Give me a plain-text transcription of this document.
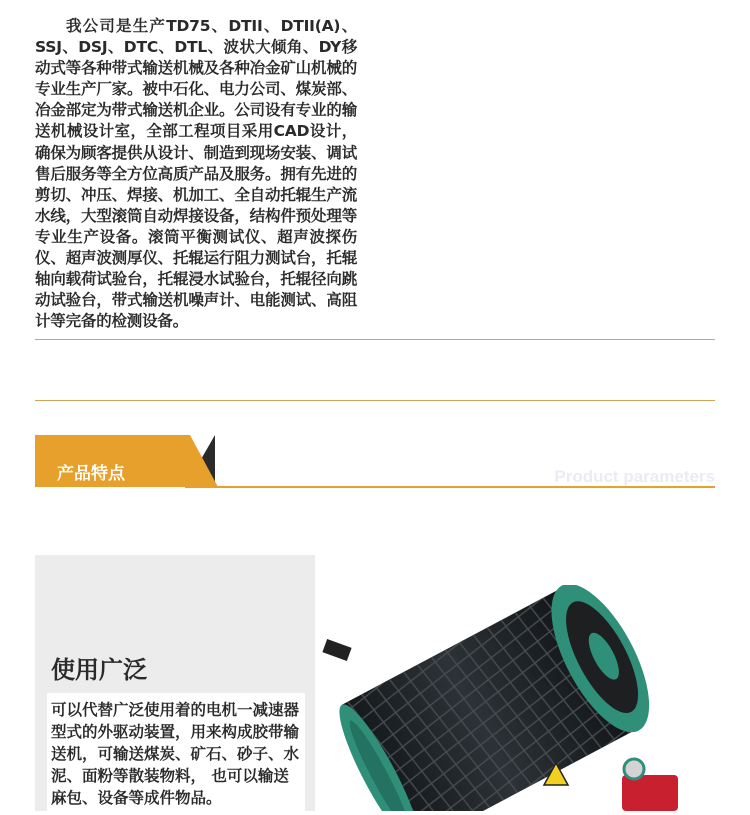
我公司是生产TD75、DTII、DTII(A)、SSJ、DSJ、DTC、DTL、波状大倾角、DY移动式等各种带式输送机械及各种冶金矿山机械的专业生产厂家。被中石化、电力公司、煤炭部、冶金部定为带式输送机企业。公司设有专业的输送机械设计室，全部工程项目采用CAD设计，确保为顾客提供从设计、制造到现场安装、调试售后服务等全方位高质产品及服务。拥有先进的剪切、冲压、焊接、机加工、全自动托辊生产流水线，大型滚筒自动焊接设备，结构件预处理等专业生产设备。滚筒平衡测试仪、超声波探伤仪、超声波测厚仪、托辊运行阻力测试台，托辊轴向载荷试验台，托辊浸水试验台，托辊径向跳动试验台，带式输送机噪声计、电能测试、高阻计等完备的检测设备。

产品特点	Product parameters
使用广泛
可以代替广泛使用着的电机一减速器型式的外驱动装置，用来构成胶带输送机，可输送煤炭、矿石、砂子、水泥、面粉等散装物料， 也可以输送麻包、设备等成件物品。
